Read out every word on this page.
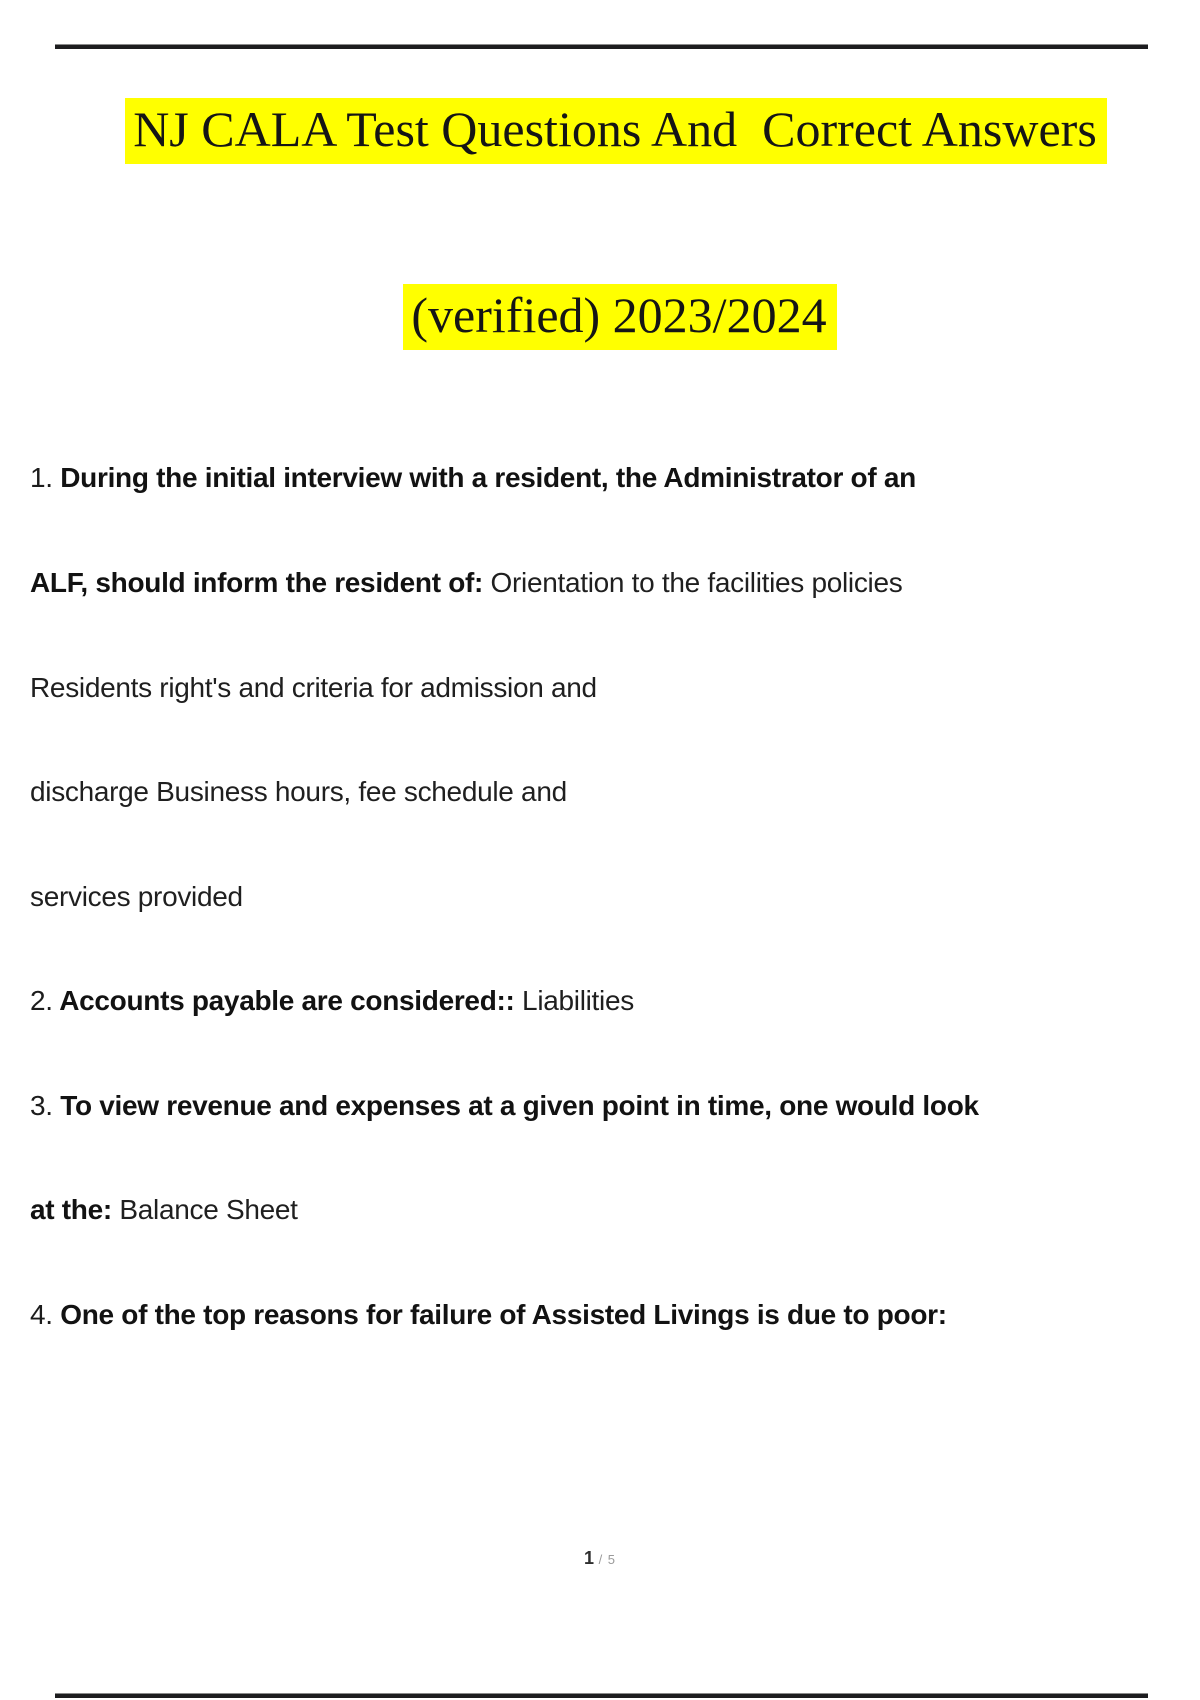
NJ CALA Test Questions And  Correct Answers
(verified) 2023/2024
1. During the initial interview with a resident, the Administrator of an
ALF, should inform the resident of: Orientation to the facilities policies
Residents right's and criteria for admission and
discharge Business hours, fee schedule and
services provided
2. Accounts payable are considered:: Liabilities
3. To view revenue and expenses at a given point in time, one would look
at the: Balance Sheet
4. One of the top reasons for failure of Assisted Livings is due to poor:
1 / 5
